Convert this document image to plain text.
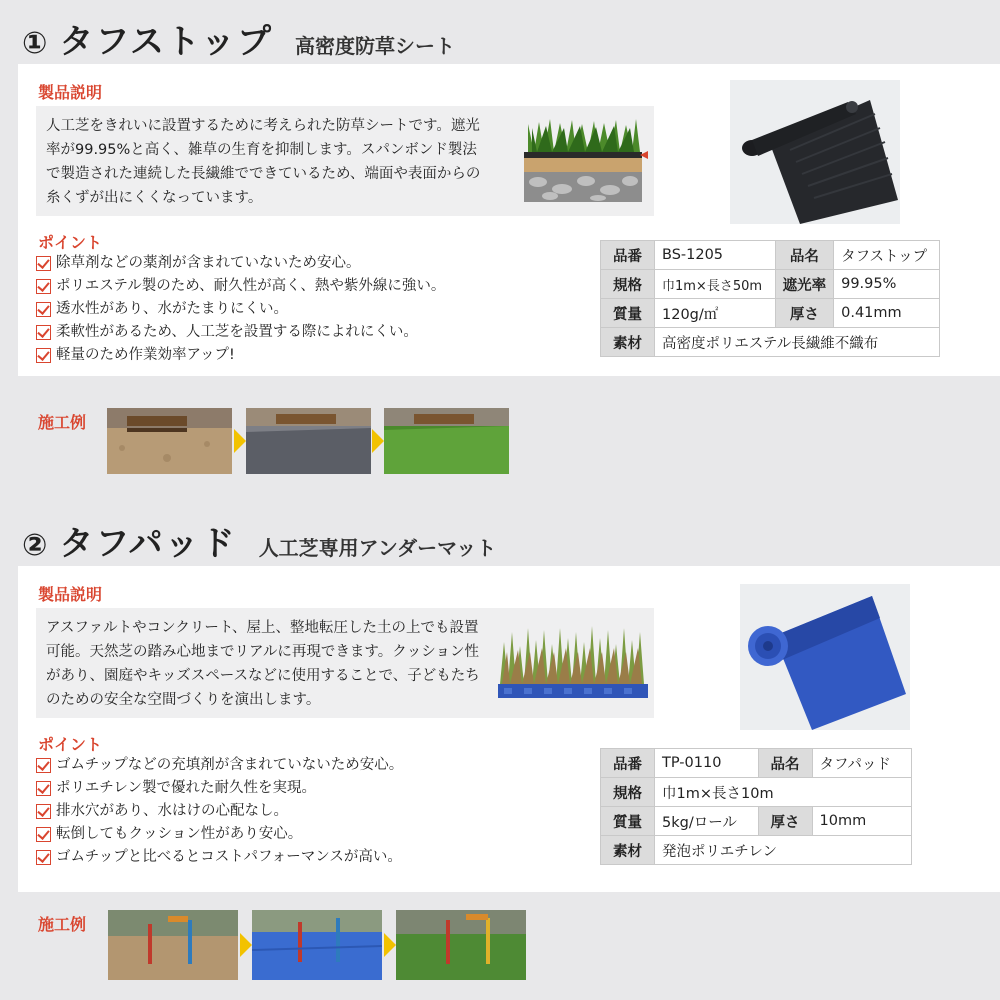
① タフストップ 高密度防草シート
製品説明
人工芝をきれいに設置するために考えられた防草シートです。遮光率が99.95%と高く、雑草の生育を抑制します。スパンボンド製法で製造された連続した長繊維でできているため、端面や表面からの糸くずが出にくくなっています。
ポイント
除草剤などの薬剤が含まれていないため安心。
ポリエステル製のため、耐久性が高く、熱や紫外線に強い。
透水性があり、水がたまりにくい。
柔軟性があるため、人工芝を設置する際によれにくい。
軽量のため作業効率アップ!
品番	BS-1205	品名	タフストップ
規格	巾1m×長さ50m	遮光率	99.95%
質量	120g/㎡	厚さ	0.41mm
素材	高密度ポリエステル長繊維不織布		
施工例
② タフパッド 人工芝専用アンダーマット
製品説明
アスファルトやコンクリート、屋上、整地転圧した土の上でも設置可能。天然芝の踏み心地までリアルに再現できます。クッション性があり、園庭やキッズスペースなどに使用することで、子どもたちのための安全な空間づくりを演出します。
ポイント
ゴムチップなどの充填剤が含まれていないため安心。
ポリエチレン製で優れた耐久性を実現。
排水穴があり、水はけの心配なし。
転倒してもクッション性があり安心。
ゴムチップと比べるとコストパフォーマンスが高い。
品番	TP-0110	品名	タフパッド
規格	巾1m×長さ10m		
質量	5kg/ロール	厚さ	10mm
素材	発泡ポリエチレン		
施工例
